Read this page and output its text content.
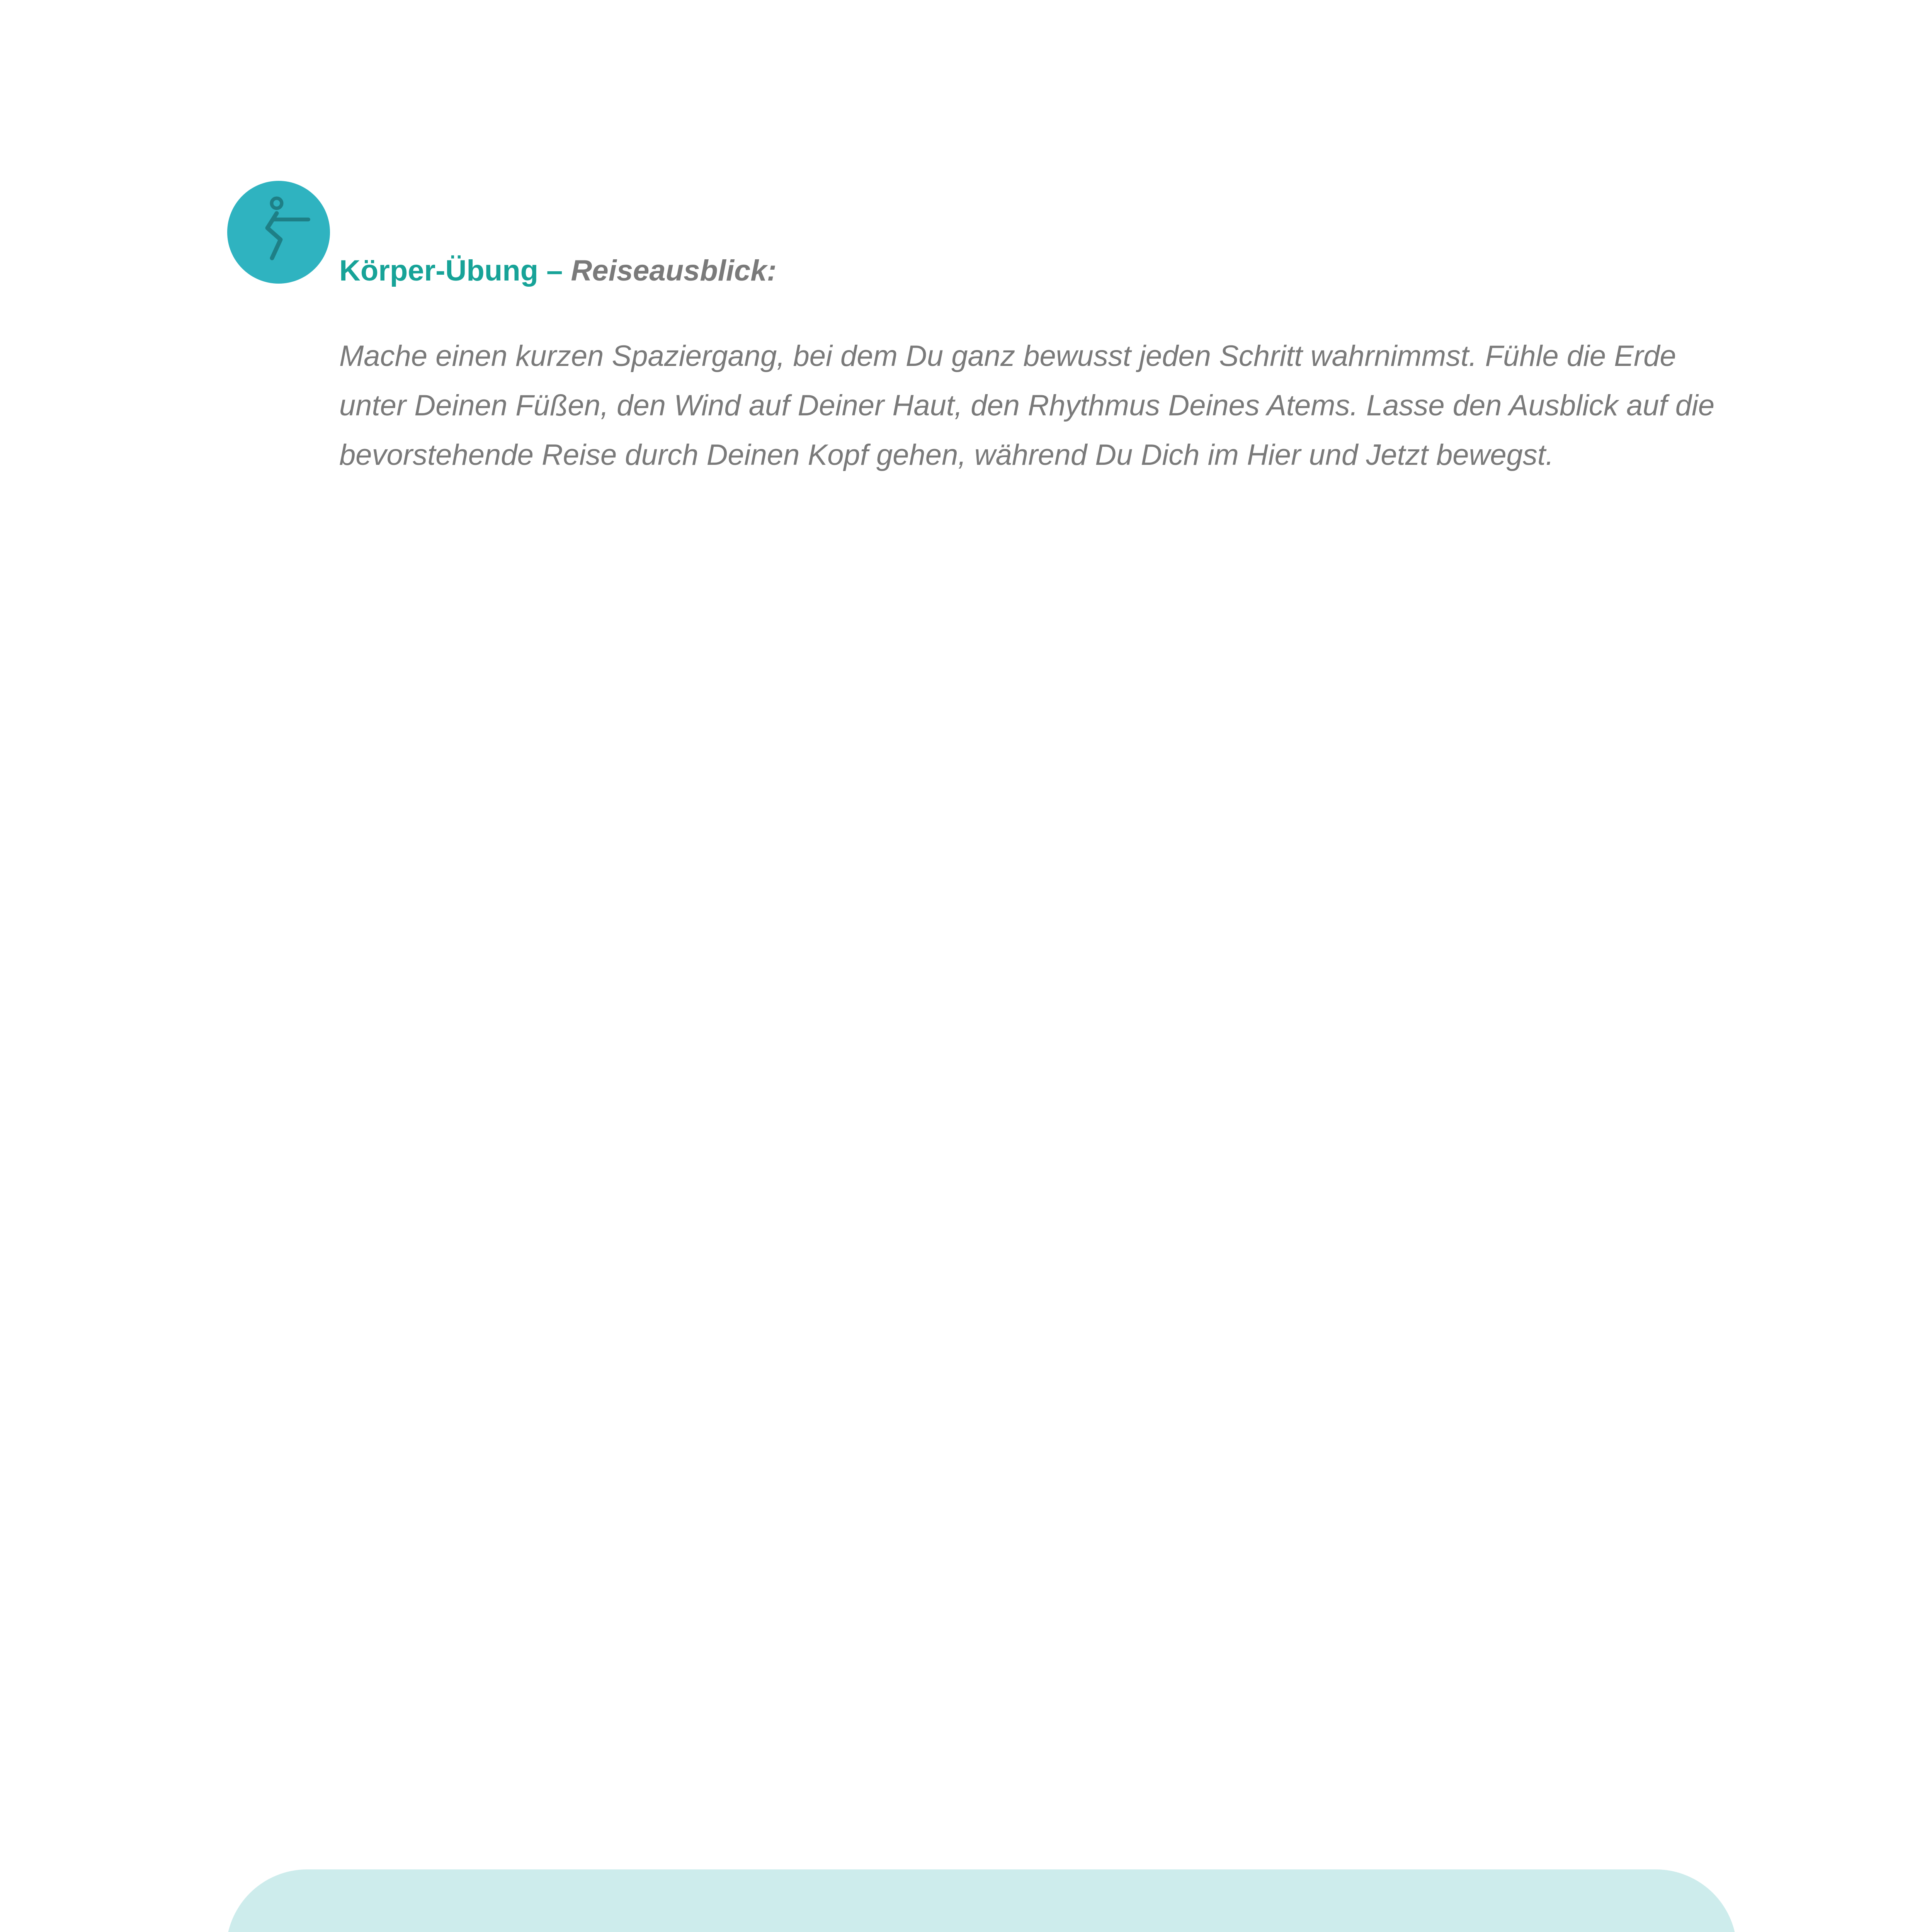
Körper-Übung – Reiseausblick:
Mache einen kurzen Spaziergang, bei dem Du ganz bewusst jeden Schritt wahrnimmst. Fühle die Erde unter Deinen Füßen, den Wind auf Deiner Haut, den Rhythmus Deines Atems. Lasse den Ausblick auf die bevorstehende Reise durch Deinen Kopf gehen, während Du Dich im Hier und Jetzt bewegst.
